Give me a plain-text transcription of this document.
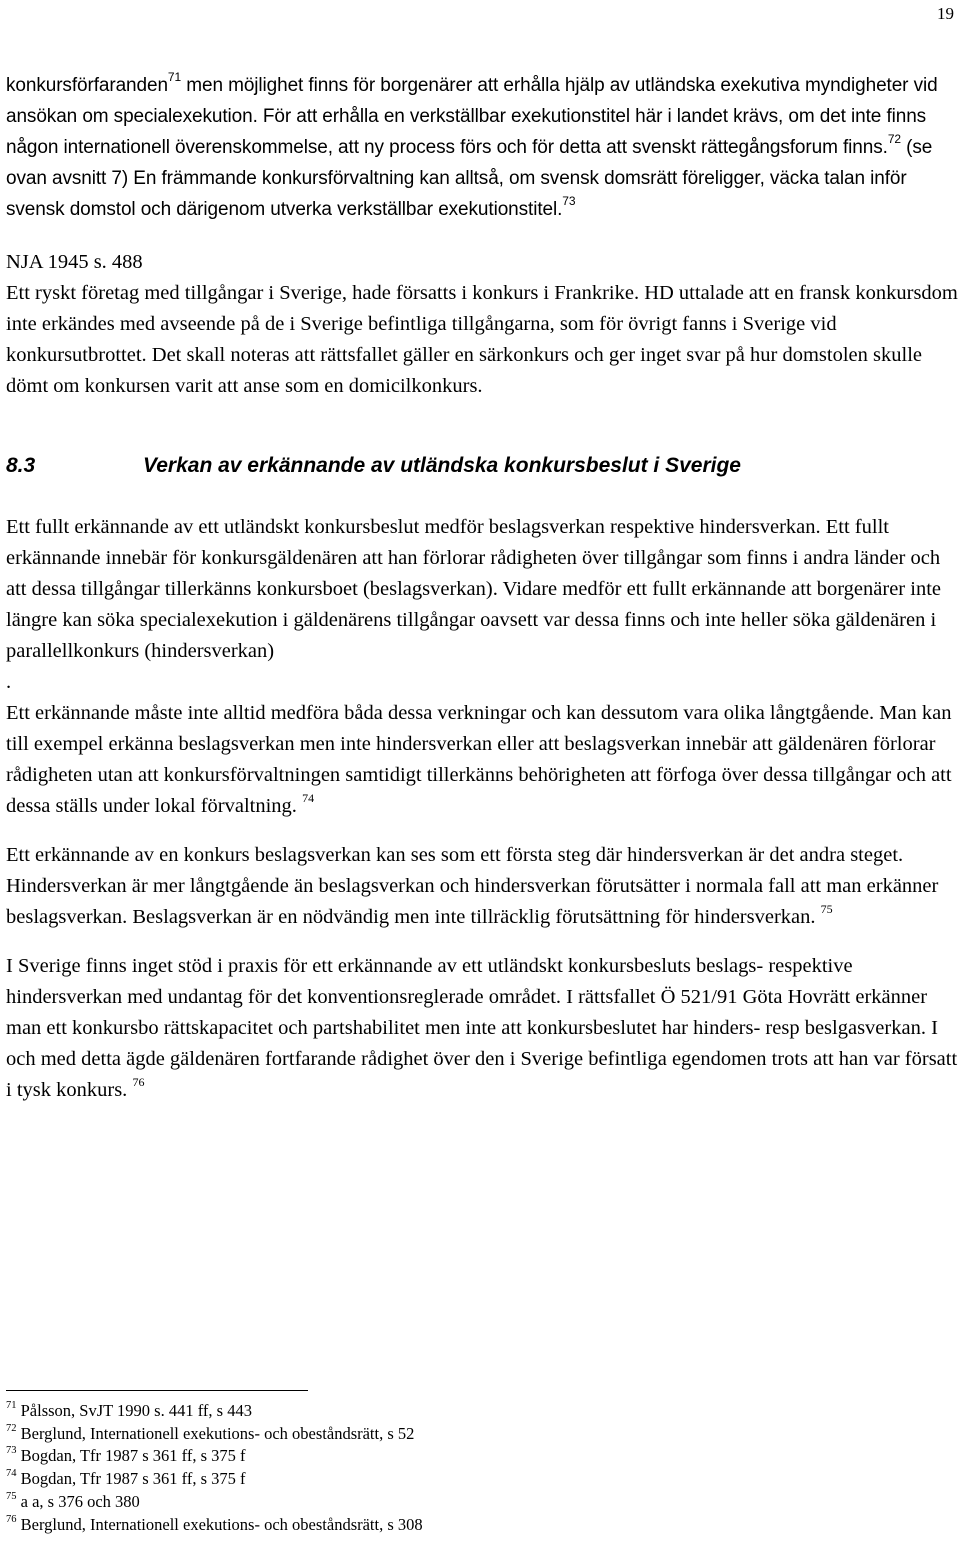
19

konkursförfaranden$^{71}$ men möjlighet finns för borgenärer att erhålla hjälp av utländska exekutiva myndigheter vid ansökan om specialexekution. För att erhålla en verkställbar exekutionstitel här i landet krävs, om det inte finns någon internationell överenskommelse, att ny process förs och för detta att svenskt rättegångsforum finns.$^{72}$ (se ovan avsnitt 7) En främmande konkursförvaltning kan alltså, om svensk domsrätt föreligger, väcka talan inför svensk domstol och därigenom utverka verkställbar exekutionstitel.$^{73}$

NJA 1945 s. 488

Ett ryskt företag med tillgångar i Sverige, hade försatts i konkurs i Frankrike. HD uttalade att en fransk konkursdom inte erkändes med avseende på de i Sverige befintliga tillgångarna, som för övrigt fanns i Sverige vid konkursutbrottet. Det skall noteras att rättsfallet gäller en särkonkurs och ger inget svar på hur domstolen skulle dömt om konkursen varit att anse som en domicilkonkurs.

8.3	Verkan av erkännande av utländska konkursbeslut i Sverige

Ett fullt erkännande av ett utländskt konkursbeslut medför beslagsverkan respektive hindersverkan. Ett fullt erkännande innebär för konkursgäldenären att han förlorar rådigheten över tillgångar som finns i andra länder och att dessa tillgångar tillerkänns konkursboet (beslagsverkan). Vidare medför ett fullt erkännande att borgenärer inte längre kan söka specialexekution i gäldenärens tillgångar oavsett var dessa finns och inte heller söka gäldenären i parallellkonkurs (hindersverkan)

.

Ett erkännande måste inte alltid medföra båda dessa verkningar och kan dessutom vara olika långtgående. Man kan till exempel erkänna beslagsverkan men inte hindersverkan eller att beslagsverkan innebär att gäldenären förlorar rådigheten utan att konkursförvaltningen samtidigt tillerkänns behörigheten att förfoga över dessa tillgångar och att dessa ställs under lokal förvaltning. $^{74}$

Ett erkännande av en konkurs beslagsverkan kan ses som ett första steg där hindersverkan är det andra steget. Hindersverkan är mer långtgående än beslagsverkan och hindersverkan förutsätter i normala fall att man erkänner beslagsverkan. Beslagsverkan är en nödvändig men inte tillräcklig förutsättning för hindersverkan. $^{75}$

I Sverige finns inget stöd i praxis för ett erkännande av ett utländskt konkursbesluts beslags- respektive hindersverkan med undantag för det konventionsreglerade området. I rättsfallet Ö 521/91 Göta Hovrätt erkänner man ett konkursbo rättskapacitet och partshabilitet men inte att konkursbeslutet har hinders- resp beslgasverkan. I och med detta ägde gäldenären fortfarande rådighet över den i Sverige befintliga egendomen trots att han var försatt i tysk konkurs. $^{76}$

$^{71}$ Pålsson, SvJT 1990 s. 441 ff, s 443
$^{72}$ Berglund, Internationell exekutions- och obeståndsrätt, s 52
$^{73}$ Bogdan, Tfr 1987 s 361 ff, s 375 f
$^{74}$ Bogdan, Tfr 1987 s 361 ff, s 375 f
$^{75}$ a a, s 376 och 380
$^{76}$ Berglund, Internationell exekutions- och obeståndsrätt, s 308
